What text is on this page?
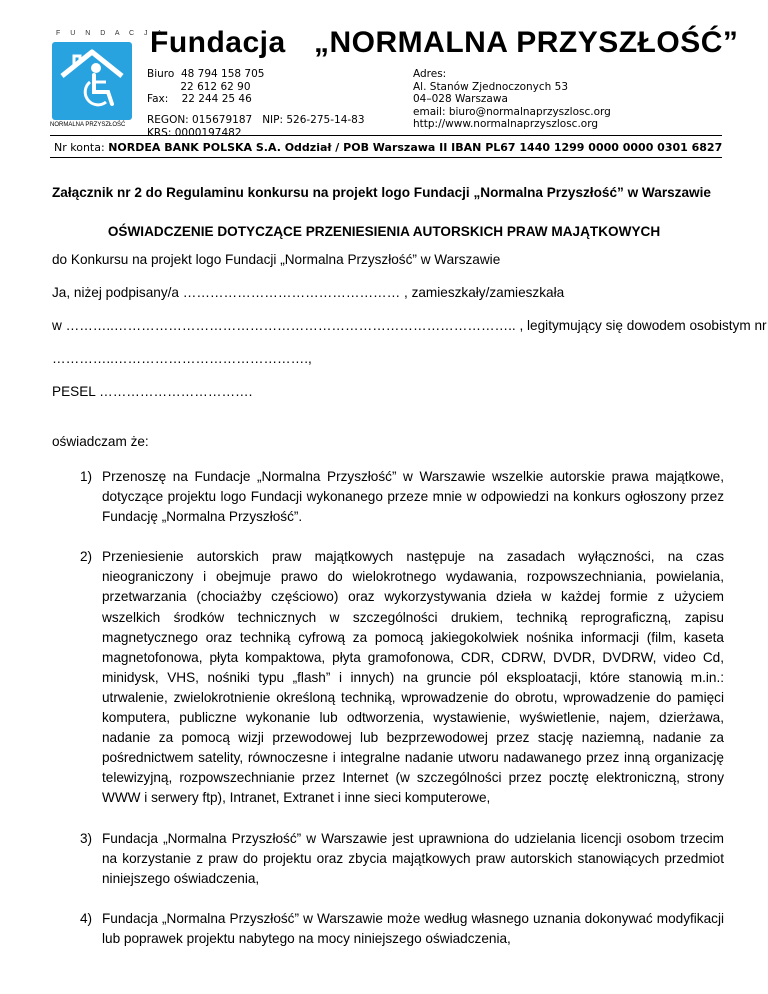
F U N D A C J A
NORMALNA PRZYSZŁOŚĆ
Fundacja „NORMALNA PRZYSZŁOŚĆ”
Biuro  48 794 158 705
22 612 62 90
Fax:    22 244 25 46
REGON: 015679187   NIP: 526-275-14-83
KRS: 0000197482
Adres:
Al. Stanów Zjednoczonych 53
04–028 Warszawa
email: biuro@normalnaprzyszlosc.org
http://www.normalnaprzyszlosc.org
Nr konta: NORDEA BANK POLSKA S.A. Oddział / POB Warszawa II IBAN PL67 1440 1299 0000 0000 0301 6827
Załącznik nr 2 do Regulaminu konkursu na projekt logo Fundacji „Normalna Przyszłość” w Warszawie
OŚWIADCZENIE DOTYCZĄCE PRZENIESIENIA AUTORSKICH PRAW MAJĄTKOWYCH
do Konkursu na projekt logo Fundacji „Normalna Przyszłość” w Warszawie
Ja, niżej podpisany/a ………………………………………… , zamieszkały/zamieszkała
w ………..…………………………………………………………………………….. , legitymujący się dowodem osobistym nr
…………..…………………………………….,
PESEL …………………………….
oświadczam że:
1) Przenoszę na Fundacje „Normalna Przyszłość” w Warszawie wszelkie autorskie prawa majątkowe, dotyczące projektu logo Fundacji wykonanego przeze mnie w odpowiedzi na konkurs ogłoszony przez Fundację „Normalna Przyszłość”.
2) Przeniesienie autorskich praw majątkowych następuje na zasadach wyłączności, na czas nieograniczony i obejmuje prawo do wielokrotnego wydawania, rozpowszechniania, powielania, przetwarzania (chociażby częściowo) oraz wykorzystywania dzieła w każdej formie z użyciem wszelkich środków technicznych w szczególności drukiem, techniką reprograficzną, zapisu magnetycznego oraz techniką cyfrową za pomocą jakiegokolwiek nośnika informacji (film, kaseta magnetofonowa, płyta kompaktowa, płyta gramofonowa, CDR, CDRW, DVDR, DVDRW, video Cd, minidysk, VHS, nośniki typu „flash” i innych) na gruncie pól eksploatacji, które stanowią m.in.: utrwalenie, zwielokrotnienie określoną techniką, wprowadzenie do obrotu, wprowadzenie do pamięci komputera, publiczne wykonanie lub odtworzenia, wystawienie, wyświetlenie, najem, dzierżawa, nadanie za pomocą wizji przewodowej lub bezprzewodowej przez stację naziemną, nadanie za pośrednictwem satelity, równoczesne i integralne nadanie utworu nadawanego przez inną organizację telewizyjną, rozpowszechnianie przez Internet (w szczególności przez pocztę elektroniczną, strony WWW i serwery ftp), Intranet, Extranet i inne sieci komputerowe,
3) Fundacja „Normalna Przyszłość” w Warszawie jest uprawniona do udzielania licencji osobom trzecim na korzystanie z praw do projektu oraz zbycia majątkowych praw autorskich stanowiących przedmiot niniejszego oświadczenia,
4) Fundacja „Normalna Przyszłość” w Warszawie może według własnego uznania dokonywać modyfikacji lub poprawek projektu nabytego na mocy niniejszego oświadczenia,
